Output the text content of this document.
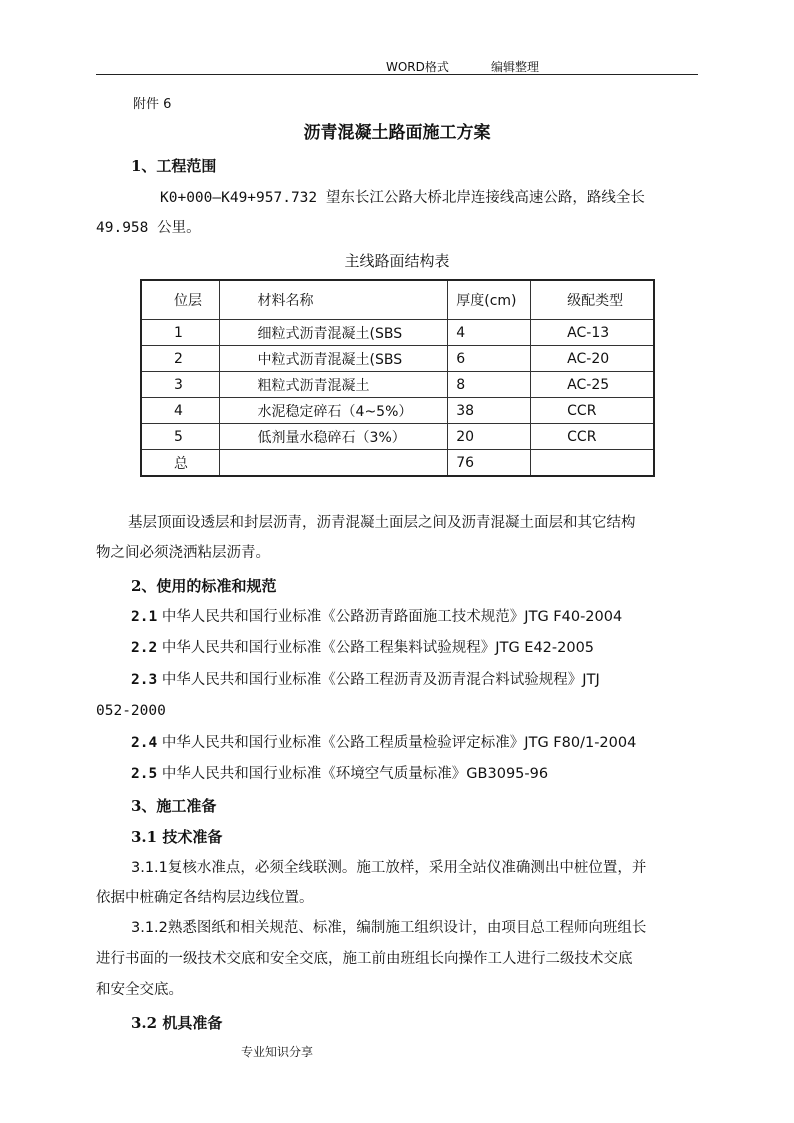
WORD格式	编辑整理
附件 6
沥青混凝土路面施工方案
1、工程范围
K0+000—K49+957.732 望东长江公路大桥北岸连接线高速公路，路线全长
49.958 公里。
主线路面结构表
位层	材料名称	厚度(cm)	级配类型
1	细粒式沥青混凝土(SBS	4	AC-13
2	中粒式沥青混凝土(SBS	6	AC-20
3	粗粒式沥青混凝土	8	AC-25
4	水泥稳定碎石（4~5%）	38	CCR
5	低剂量水稳碎石（3%）	20	CCR
总		76	
基层顶面设透层和封层沥青，沥青混凝土面层之间及沥青混凝土面层和其它结构
物之间必须浇洒粘层沥青。
2、使用的标准和规范
2.1 中华人民共和国行业标准《公路沥青路面施工技术规范》JTG F40-2004
2.2 中华人民共和国行业标准《公路工程集料试验规程》JTG E42-2005
2.3 中华人民共和国行业标准《公路工程沥青及沥青混合料试验规程》JTJ
052-2000
2.4 中华人民共和国行业标准《公路工程质量检验评定标准》JTG F80/1-2004
2.5 中华人民共和国行业标准《环境空气质量标准》GB3095-96
3、施工准备
3.1 技术准备
3.1.1复核水准点，必须全线联测。施工放样，采用全站仪准确测出中桩位置，并
依据中桩确定各结构层边线位置。
3.1.2熟悉图纸和相关规范、标准，编制施工组织设计，由项目总工程师向班组长
进行书面的一级技术交底和安全交底，施工前由班组长向操作工人进行二级技术交底
和安全交底。
3.2 机具准备
专业知识分享
